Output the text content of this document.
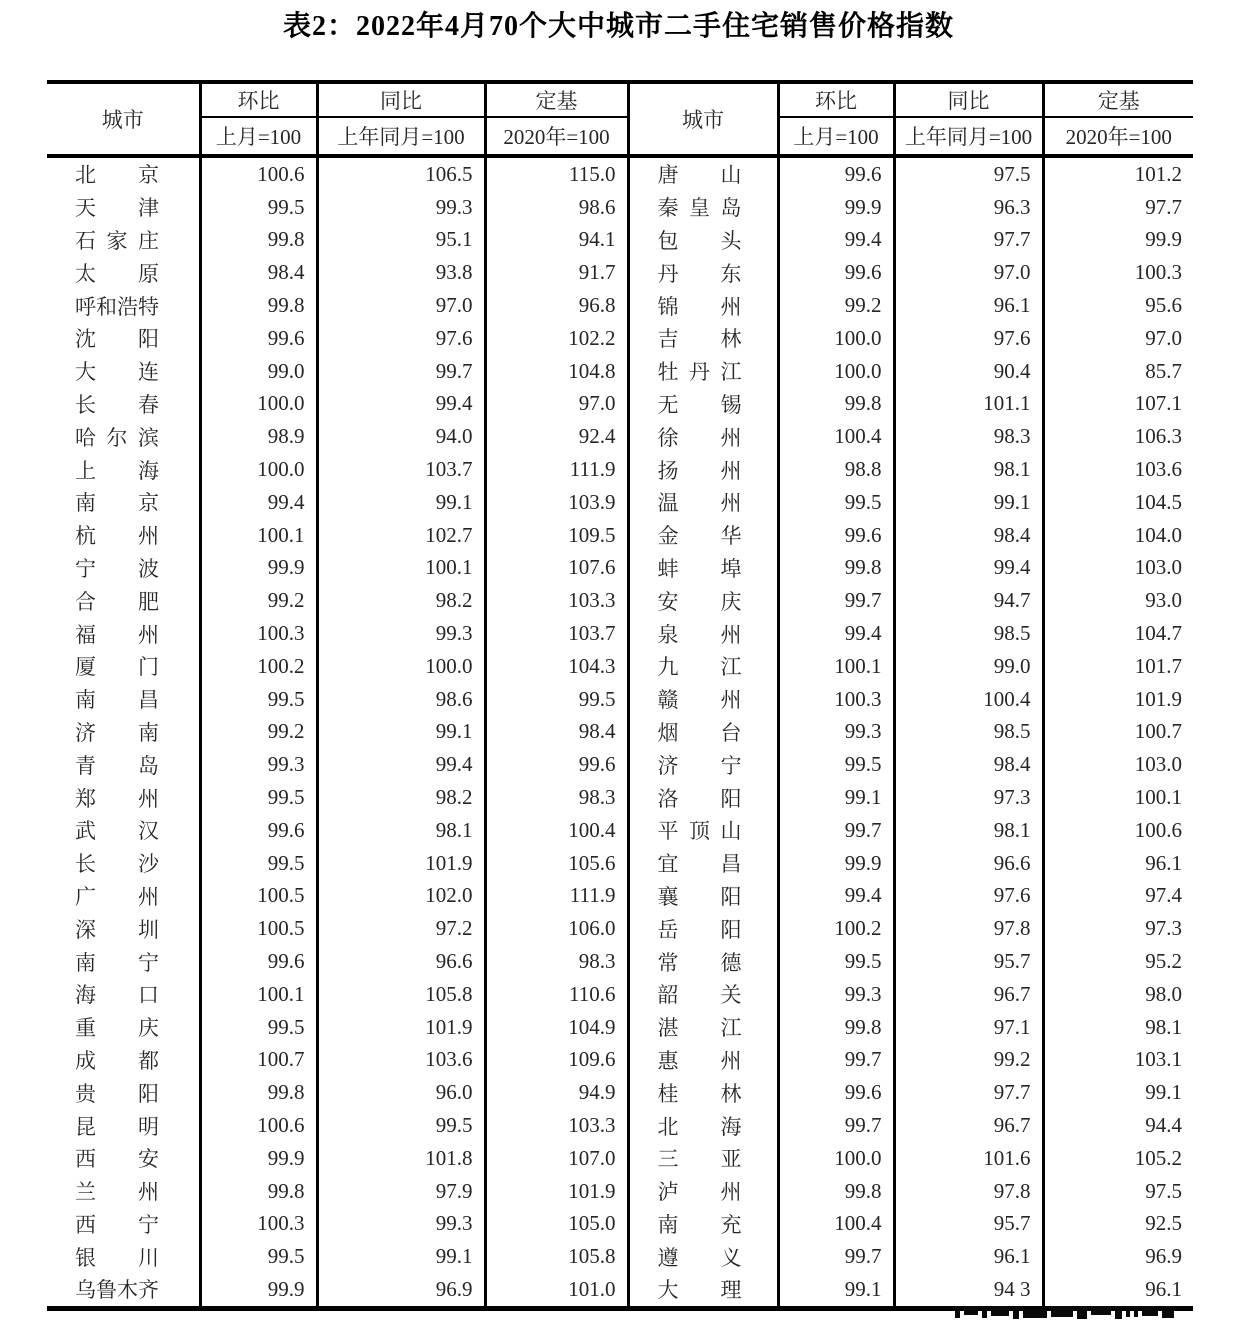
表2：2022年4月70个大中城市二手住宅销售价格指数
城市	环比	同比	定基	城市	环比	同比	定基
	上月=100	上年同月=100	2020年=100		上月=100	上年同月=100	2020年=100

北 京	100.6	106.5	115.0	唐 山	99.6	97.5	101.2

天 津	99.5	99.3	98.6	秦 皇 岛	99.9	96.3	97.7

石 家 庄	99.8	95.1	94.1	包 头	99.4	97.7	99.9

太 原	98.4	93.8	91.7	丹 东	99.6	97.0	100.3

呼 和 浩 特	99.8	97.0	96.8	锦 州	99.2	96.1	95.6

沈 阳	99.6	97.6	102.2	吉 林	100.0	97.6	97.0

大 连	99.0	99.7	104.8	牡 丹 江	100.0	90.4	85.7

长 春	100.0	99.4	97.0	无 锡	99.8	101.1	107.1

哈 尔 滨	98.9	94.0	92.4	徐 州	100.4	98.3	106.3

上 海	100.0	103.7	111.9	扬 州	98.8	98.1	103.6

南 京	99.4	99.1	103.9	温 州	99.5	99.1	104.5

杭 州	100.1	102.7	109.5	金 华	99.6	98.4	104.0

宁 波	99.9	100.1	107.6	蚌 埠	99.8	99.4	103.0

合 肥	99.2	98.2	103.3	安 庆	99.7	94.7	93.0

福 州	100.3	99.3	103.7	泉 州	99.4	98.5	104.7

厦 门	100.2	100.0	104.3	九 江	100.1	99.0	101.7

南 昌	99.5	98.6	99.5	赣 州	100.3	100.4	101.9

济 南	99.2	99.1	98.4	烟 台	99.3	98.5	100.7

青 岛	99.3	99.4	99.6	济 宁	99.5	98.4	103.0

郑 州	99.5	98.2	98.3	洛 阳	99.1	97.3	100.1

武 汉	99.6	98.1	100.4	平 顶 山	99.7	98.1	100.6

长 沙	99.5	101.9	105.6	宜 昌	99.9	96.6	96.1

广 州	100.5	102.0	111.9	襄 阳	99.4	97.6	97.4

深 圳	100.5	97.2	106.0	岳 阳	100.2	97.8	97.3

南 宁	99.6	96.6	98.3	常 德	99.5	95.7	95.2

海 口	100.1	105.8	110.6	韶 关	99.3	96.7	98.0

重 庆	99.5	101.9	104.9	湛 江	99.8	97.1	98.1

成 都	100.7	103.6	109.6	惠 州	99.7	99.2	103.1

贵 阳	99.8	96.0	94.9	桂 林	99.6	97.7	99.1

昆 明	100.6	99.5	103.3	北 海	99.7	96.7	94.4

西 安	99.9	101.8	107.0	三 亚	100.0	101.6	105.2

兰 州	99.8	97.9	101.9	泸 州	99.8	97.8	97.5

西 宁	100.3	99.3	105.0	南 充	100.4	95.7	92.5

银 川	99.5	99.1	105.8	遵 义	99.7	96.1	96.9

乌 鲁 木 齐	99.9	96.9	101.0	大 理	99.1	94 3	96.1
